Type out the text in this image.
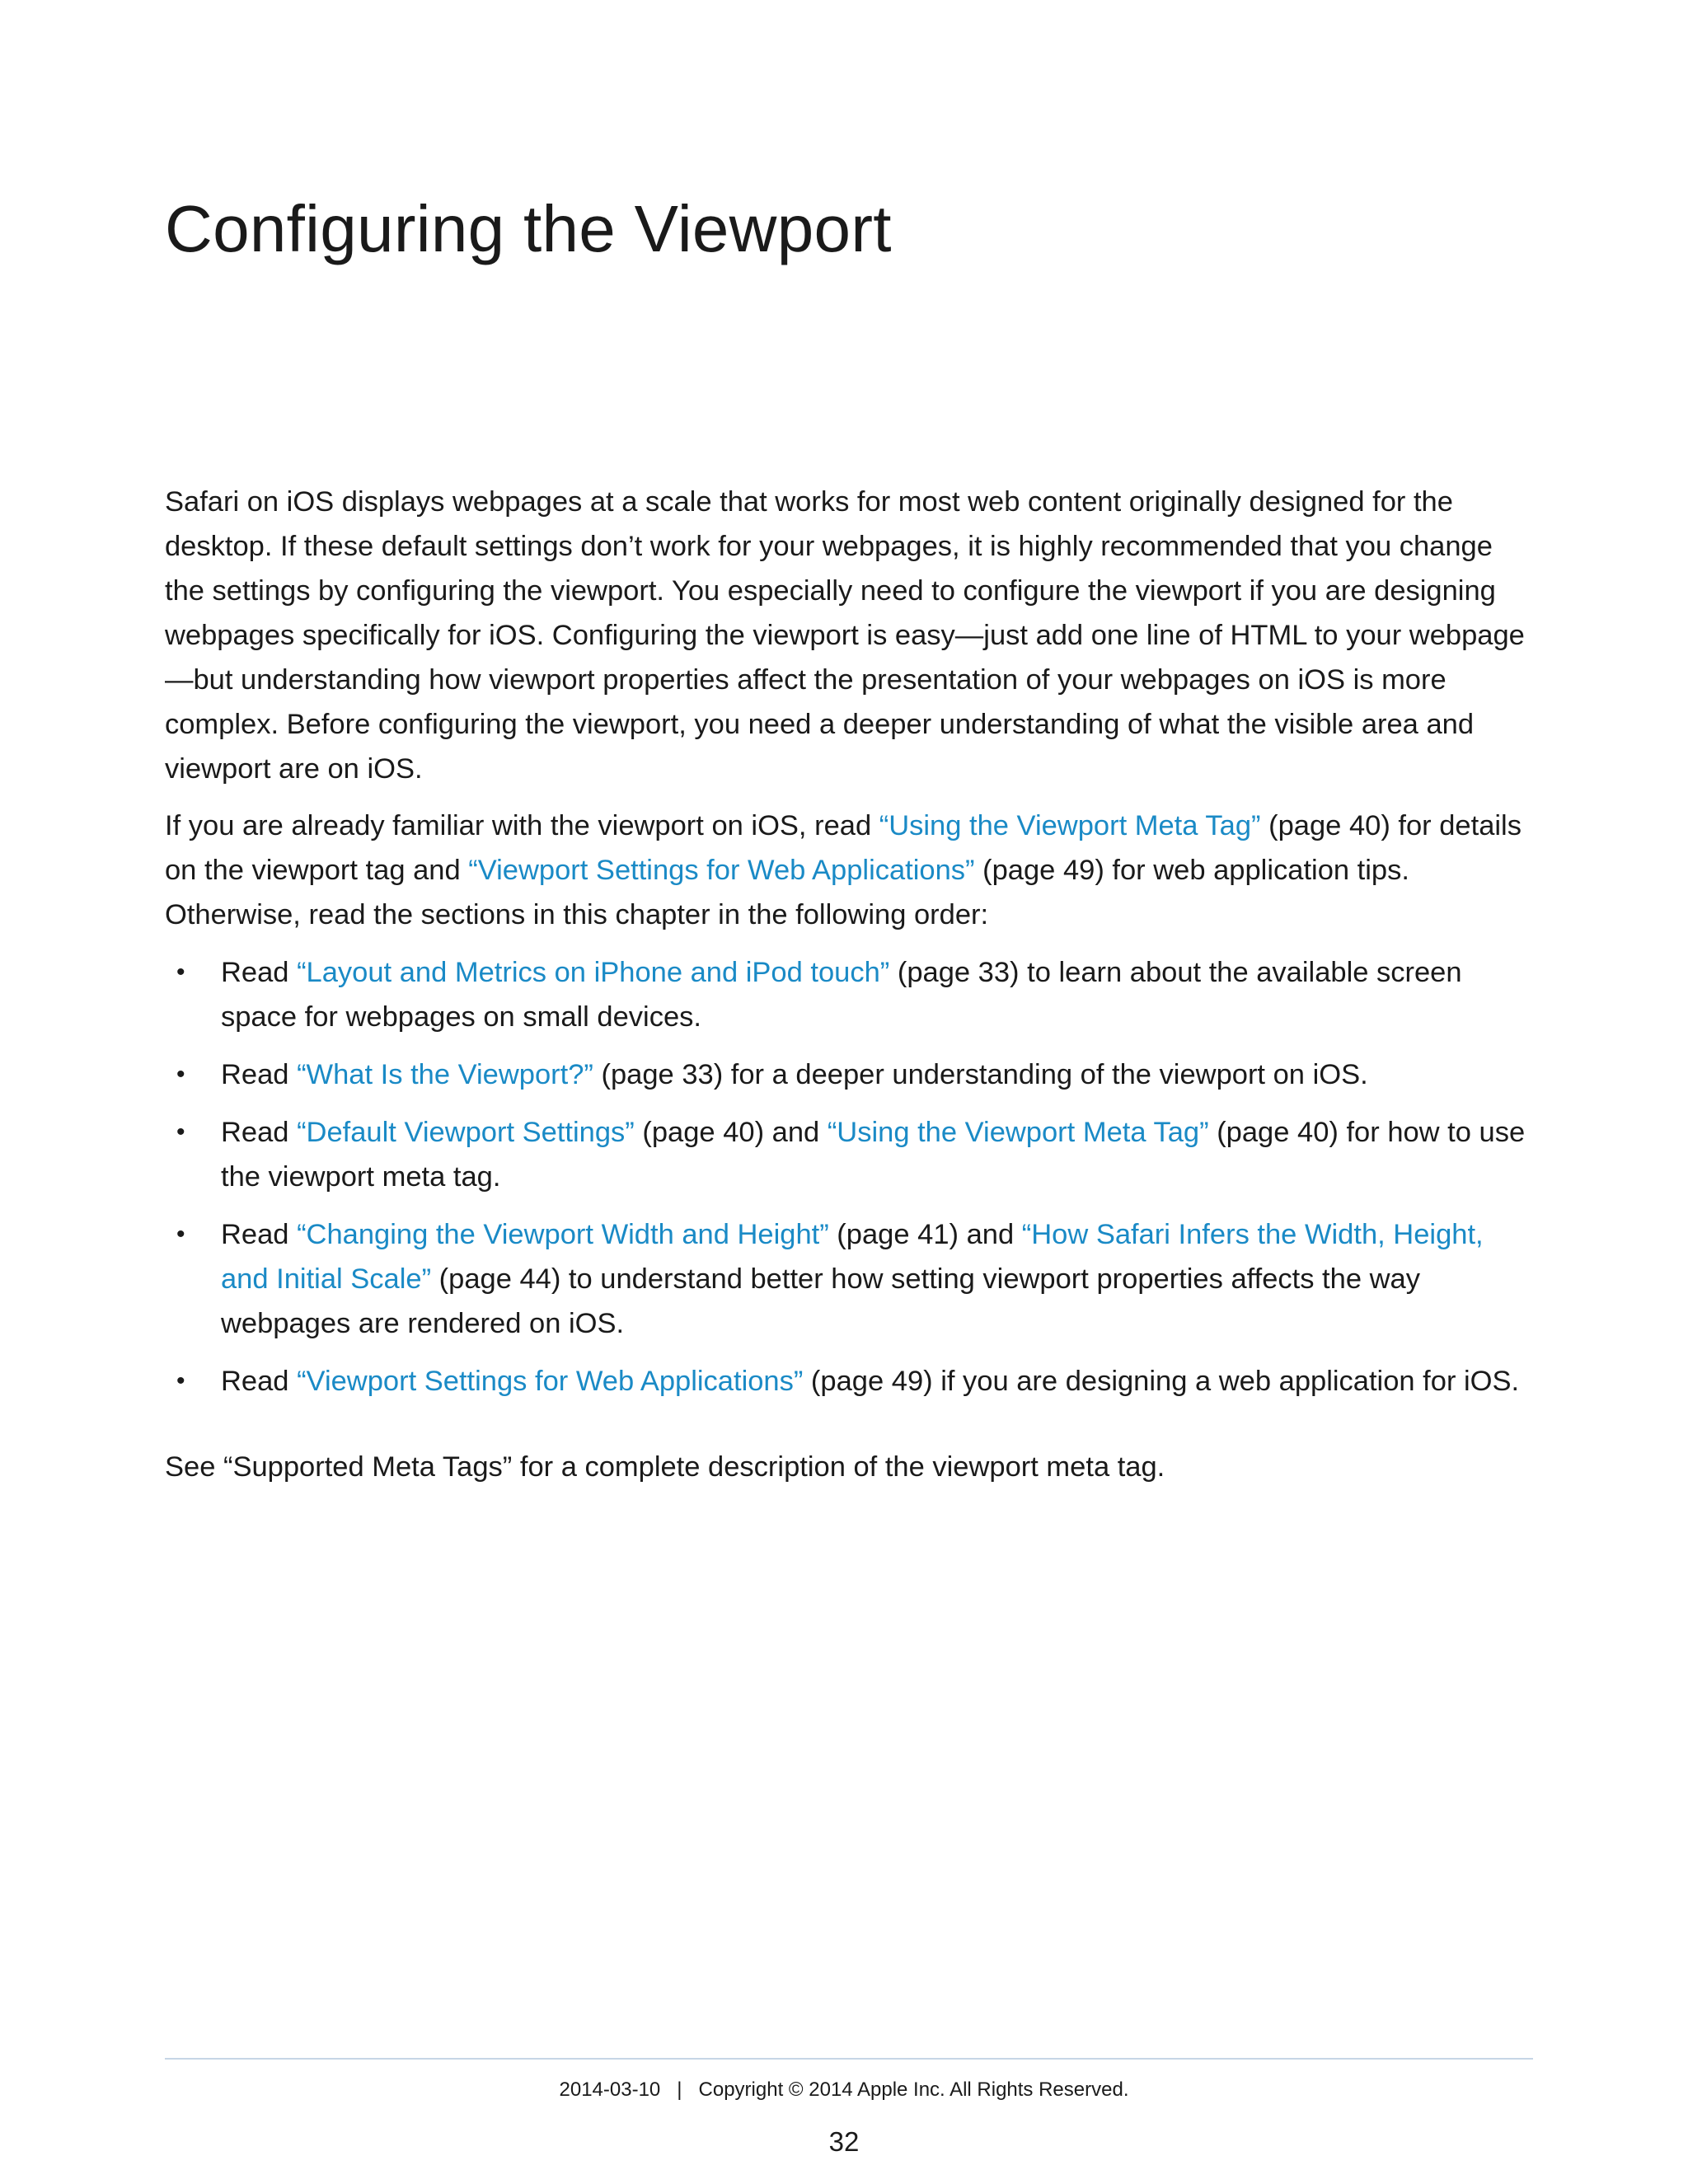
Configuring the Viewport

Safari on iOS displays webpages at a scale that works for most web content originally designed for the desktop. If these default settings don’t work for your webpages, it is highly recommended that you change the settings by configuring the viewport. You especially need to configure the viewport if you are designing webpages specifically for iOS. Configuring the viewport is easy—just add one line of HTML to your webpage—but understanding how viewport properties affect the presentation of your webpages on iOS is more complex. Before configuring the viewport, you need a deeper understanding of what the visible area and viewport are on iOS.

If you are already familiar with the viewport on iOS, read “Using the Viewport Meta Tag” (page 40) for details on the viewport tag and “Viewport Settings for Web Applications” (page 49) for web application tips. Otherwise, read the sections in this chapter in the following order:

• Read “Layout and Metrics on iPhone and iPod touch” (page 33) to learn about the available screen space for webpages on small devices.
• Read “What Is the Viewport?” (page 33) for a deeper understanding of the viewport on iOS.
• Read “Default Viewport Settings” (page 40) and “Using the Viewport Meta Tag” (page 40) for how to use the viewport meta tag.
• Read “Changing the Viewport Width and Height” (page 41) and “How Safari Infers the Width, Height, and Initial Scale” (page 44) to understand better how setting viewport properties affects the way webpages are rendered on iOS.
• Read “Viewport Settings for Web Applications” (page 49) if you are designing a web application for iOS.

See “Supported Meta Tags” for a complete description of the viewport meta tag.

2014-03-10 | Copyright © 2014 Apple Inc. All Rights Reserved.
32
